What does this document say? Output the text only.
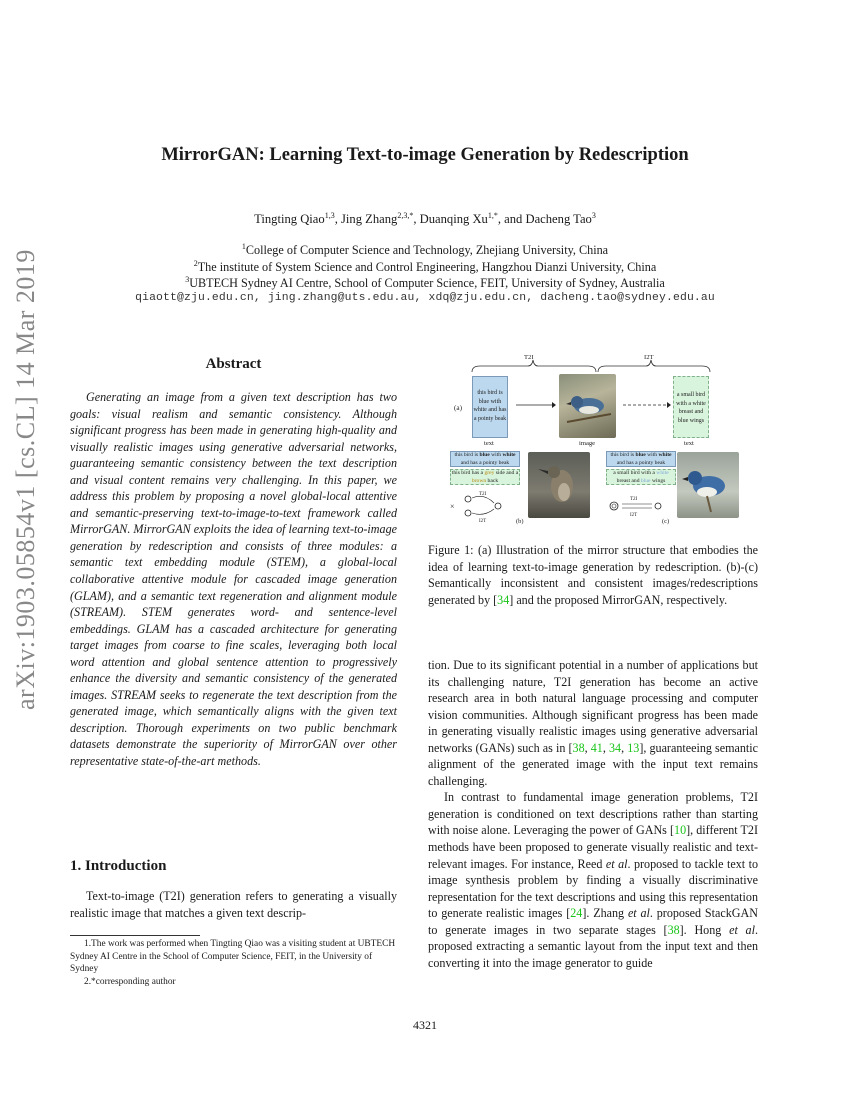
arXiv:1903.05854v1 [cs.CL] 14 Mar 2019
MirrorGAN: Learning Text-to-image Generation by Redescription
Tingting Qiao$^{1,3}$, Jing Zhang$^{2,3,*}$, Duanqing $Xu^{1,*}$, and Dacheng Tao$^3$
$^1$College of Computer Science and Technology, Zhejiang University, China
$^2$The institute of System Science and Control Engineering, Hangzhou Dianzi University, China
$^3$UBTECH Sydney AI Centre, School of Computer Science, FEIT, University of Sydney, Australia
qiaott@zju.edu.cn, jing.zhang@uts.edu.au, xdq@zju.edu.cn, dacheng.tao@sydney.edu.au
Abstract

Generating an image from a given text description has two goals: visual realism and semantic consistency. Although significant progress has been made in generating high-quality and visually realistic images using generative adversarial networks, guaranteeing semantic consistency between the text description and visual content remains very challenging. In this paper, we address this problem by proposing a novel global-local attentive and semantic-preserving text-to-image-to-text framework called MirrorGAN. MirrorGAN exploits the idea of learning text-to-image generation by redescription and consists of three modules: a semantic text embedding module (STEM), a global-local collaborative attentive module for cascaded image generation (GLAM), and a semantic text regeneration and alignment module (STREAM). STEM generates word- and sentence-level embeddings. GLAM has a cascaded architecture for generating target images from coarse to fine scales, leveraging both local word attention and global sentence attention to progressively enhance the diversity and semantic consistency of the generated images. STREAM seeks to regenerate the text description from the generated image, which semantically aligns with the given text description. Thorough experiments on two public benchmark datasets demonstrate the superiority of MirrorGAN over other representative state-of-the-art methods.

1. Introduction

Text-to-image (T2I) generation refers to generating a visually realistic image that matches a given text descrip-

1.The work was performed when Tingting Qiao was a visiting student at UBTECH Sydney AI Centre in the School of Computer Science, FEIT, in the University of Sydney

2.*corresponding author

T2I	I2T
(a)
this bird is blue with white and has a pointy beak
a small bird with a white breast and blue wings
text	image	text
this bird is blue with white and has a pointy beak
this bird has a grey side and a brown back
×
T2I
I2T	(b)
this bird is blue with white and has a pointy beak
a small bird with a white breast and blue wings
T2I
I2T
(c)
Figure 1: (a) Illustration of the mirror structure that embodies the idea of learning text-to-image generation by redescription. (b)-(c) Semantically inconsistent and consistent images/redescriptions generated by [34] and the proposed MirrorGAN, respectively.

tion. Due to its significant potential in a number of applications but its challenging nature, T2I generation has become an active research area in both natural language processing and computer vision communities. Although significant progress has been made in generating visually realistic images using generative adversarial networks (GANs) such as in [38, 41, 34, 13], guaranteeing semantic alignment of the generated image with the input text remains challenging.

In contrast to fundamental image generation problems, T2I generation is conditioned on text descriptions rather than starting with noise alone. Leveraging the power of GANs [10], different T2I methods have been proposed to generate visually realistic and text-relevant images. For instance, Reed et al. proposed to tackle text to image synthesis problem by finding a visually discriminative representation for the text descriptions and using this representation to generate realistic images [24]. Zhang et al. proposed StackGAN to generate images in two separate stages [38]. Hong et al. proposed extracting a semantic layout from the input text and then converting it into the image generator to guide

4321
